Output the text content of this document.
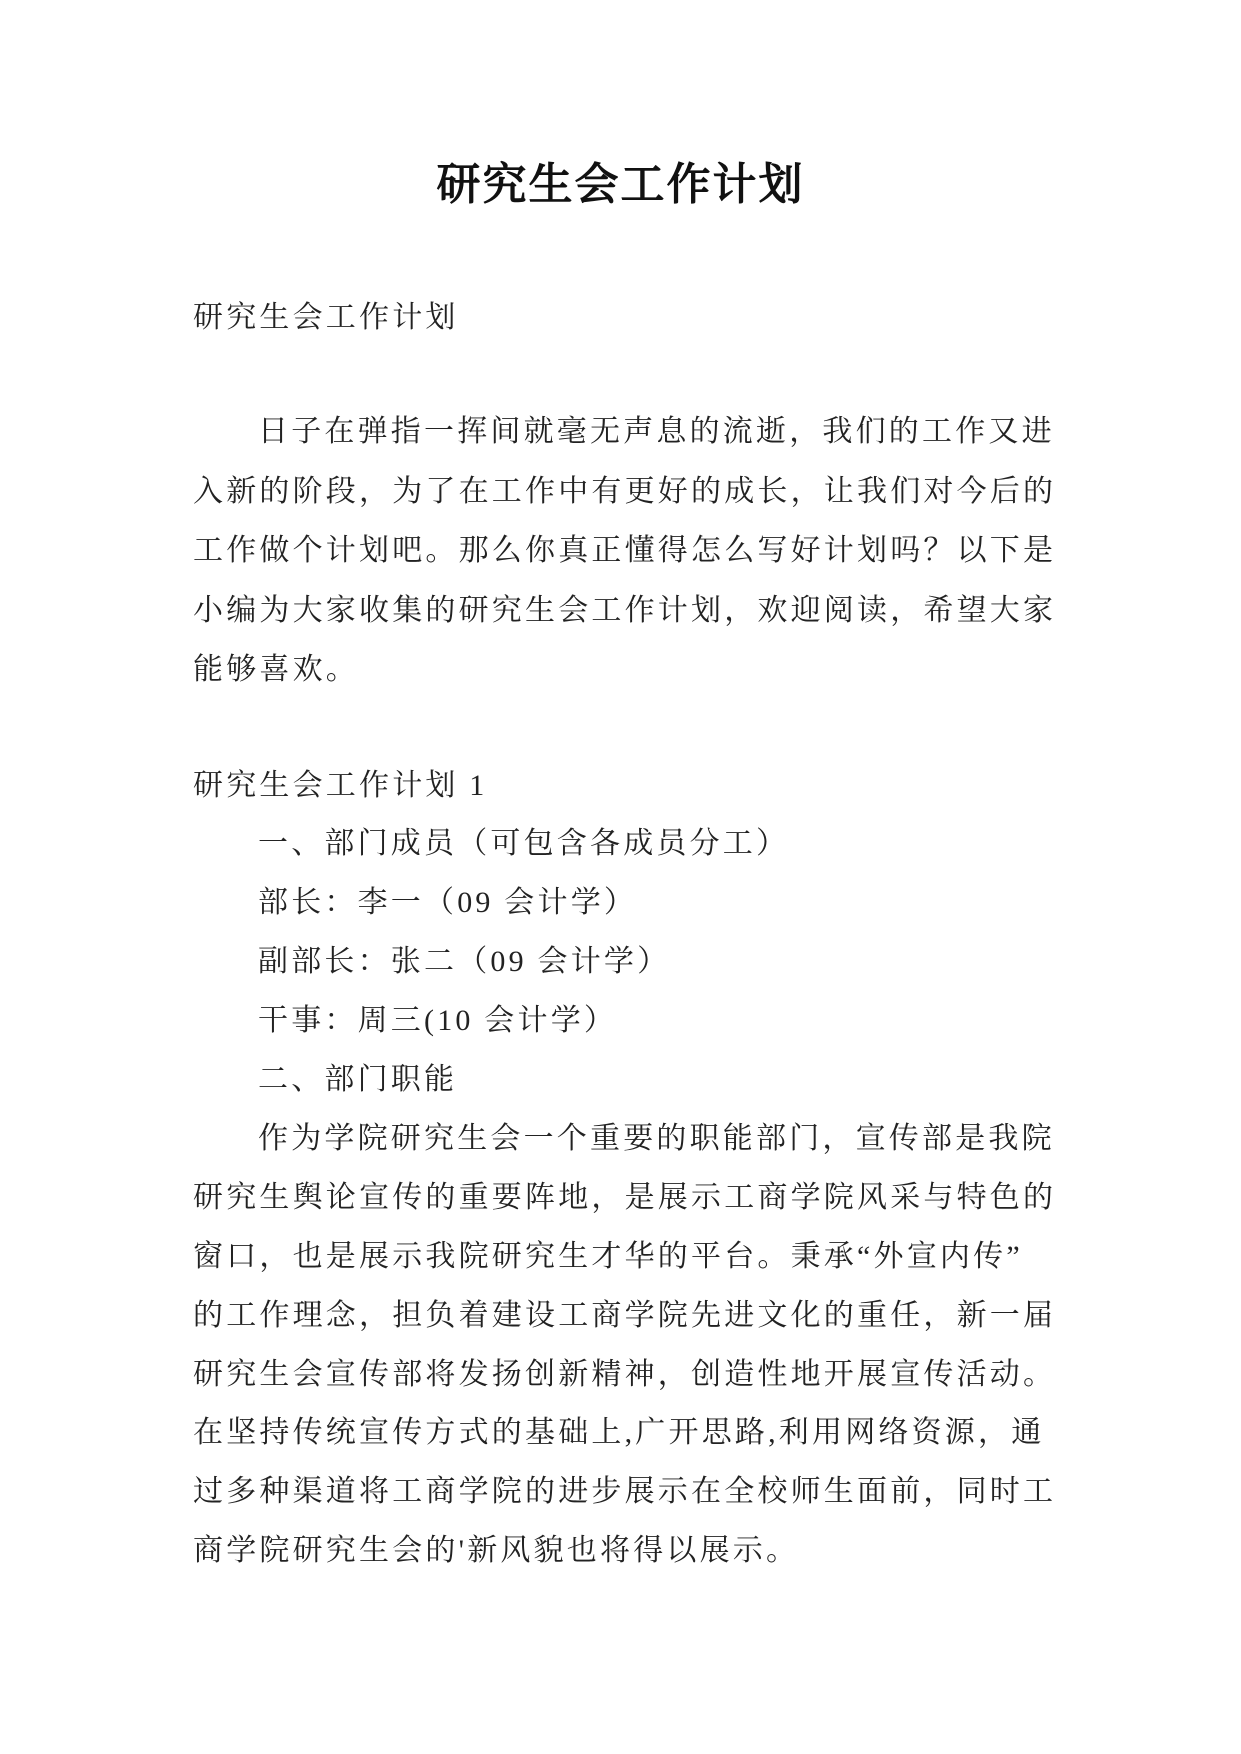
研究生会工作计划
研究生会工作计划
日子在弹指一挥间就毫无声息的流逝，我们的工作又进
入新的阶段，为了在工作中有更好的成长，让我们对今后的
工作做个计划吧。那么你真正懂得怎么写好计划吗？以下是
小编为大家收集的研究生会工作计划，欢迎阅读，希望大家
能够喜欢。
研究生会工作计划 1
一、部门成员（可包含各成员分工）
部长：李一（09 会计学）
副部长：张二（09 会计学）
干事：周三(10 会计学）
二、部门职能
作为学院研究生会一个重要的职能部门，宣传部是我院
研究生舆论宣传的重要阵地，是展示工商学院风采与特色的
窗口，也是展示我院研究生才华的平台。秉承“外宣内传”
的工作理念，担负着建设工商学院先进文化的重任，新一届
研究生会宣传部将发扬创新精神，创造性地开展宣传活动。
在坚持传统宣传方式的基础上,广开思路,利用网络资源，通
过多种渠道将工商学院的进步展示在全校师生面前，同时工
商学院研究生会的'新风貌也将得以展示。
